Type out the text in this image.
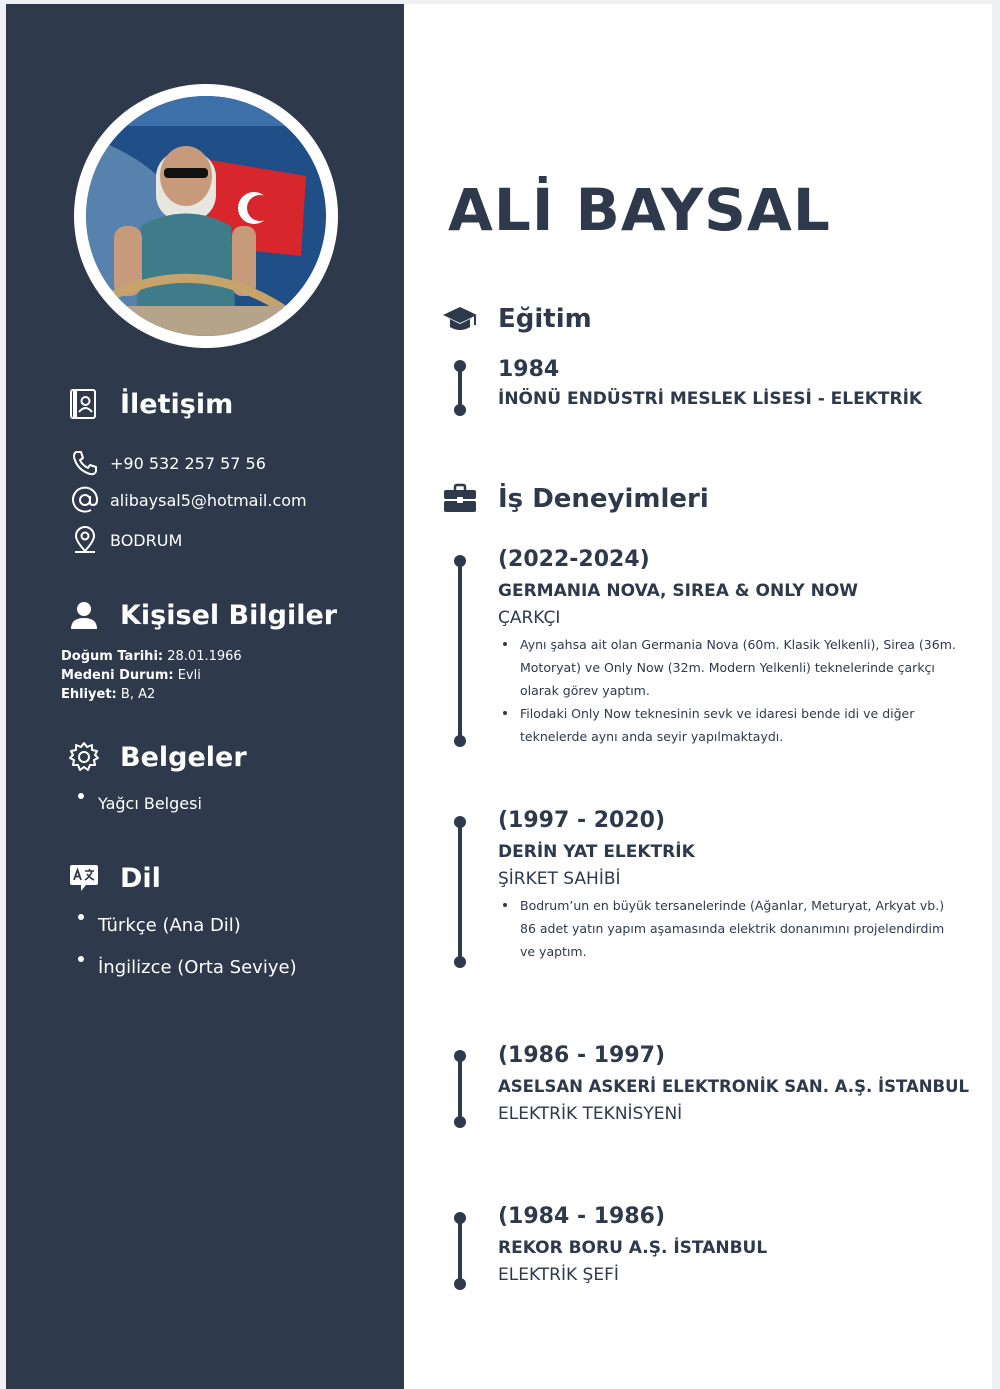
İletişim
+90 532 257 57 56
alibaysal5@hotmail.com
BODRUM
Kişisel Bilgiler
Doğum Tarihi: 28.01.1966
Medeni Durum: Evli
Ehliyet: B, A2
Belgeler
Yağcı Belgesi
Dil
Türkçe (Ana Dil)
İngilizce (Orta Seviye)
ALİ BAYSAL
Eğitim
1984
İNÖNÜ ENDÜSTRİ MESLEK LİSESİ - ELEKTRİK
İş Deneyimleri
(2022-2024)
GERMANIA NOVA, SIREA & ONLY NOW
ÇARKÇI
Aynı şahsa ait olan Germania Nova (60m. Klasik Yelkenli), Sirea (36m. Motoryat) ve Only Now (32m. Modern Yelkenli) teknelerinde çarkçı olarak görev yaptım.
Filodaki Only Now teknesinin sevk ve idaresi bende idi ve diğer teknelerde aynı anda seyir yapılmaktaydı.
(1997 - 2020)
DERİN YAT ELEKTRİK
ŞİRKET SAHİBİ
Bodrum’un en büyük tersanelerinde (Ağanlar, Meturyat, Arkyat vb.) 86 adet yatın yapım aşamasında elektrik donanımını projelendirdim ve yaptım.
(1986 - 1997)
ASELSAN ASKERİ ELEKTRONİK SAN. A.Ş. İSTANBUL
ELEKTRİK TEKNİSYENİ
(1984 - 1986)
REKOR BORU A.Ş. İSTANBUL
ELEKTRİK ŞEFİ
